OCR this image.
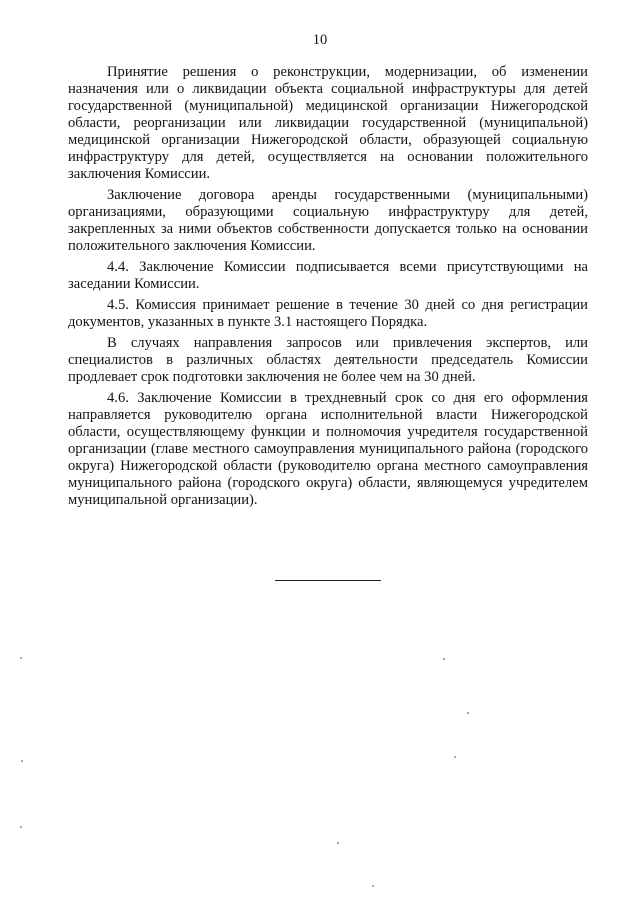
10

Принятие решения о реконструкции, модернизации, об изменении назначения или о ликвидации объекта социальной инфраструктуры для детей государственной (муниципальной) медицинской организации Нижегородской области, реорганизации или ликвидации государственной (муниципальной) медицинской организации Нижегородской области, образующей социальную инфраструктуру для детей, осуществляется на основании положительного заключения Комиссии.

Заключение договора аренды государственными (муниципальными) организациями, образующими социальную инфраструктуру для детей, закрепленных за ними объектов собственности допускается только на основании положительного заключения Комиссии.

4.4. Заключение Комиссии подписывается всеми присутствующими на заседании Комиссии.

4.5. Комиссия принимает решение в течение 30 дней со дня регистрации документов, указанных в пункте 3.1 настоящего Порядка.

В случаях направления запросов или привлечения экспертов, или специалистов в различных областях деятельности председатель Комиссии продлевает срок подготовки заключения не более чем на 30 дней.

4.6. Заключение Комиссии в трехдневный срок со дня его оформления направляется руководителю органа исполнительной власти Нижегородской области, осуществляющему функции и полномочия учредителя государственной организации (главе местного самоуправления муниципального района (городского округа) Нижегородской области (руководителю органа местного самоуправления муниципального района (городского округа) области, являющемуся учредителем муниципальной организации).
